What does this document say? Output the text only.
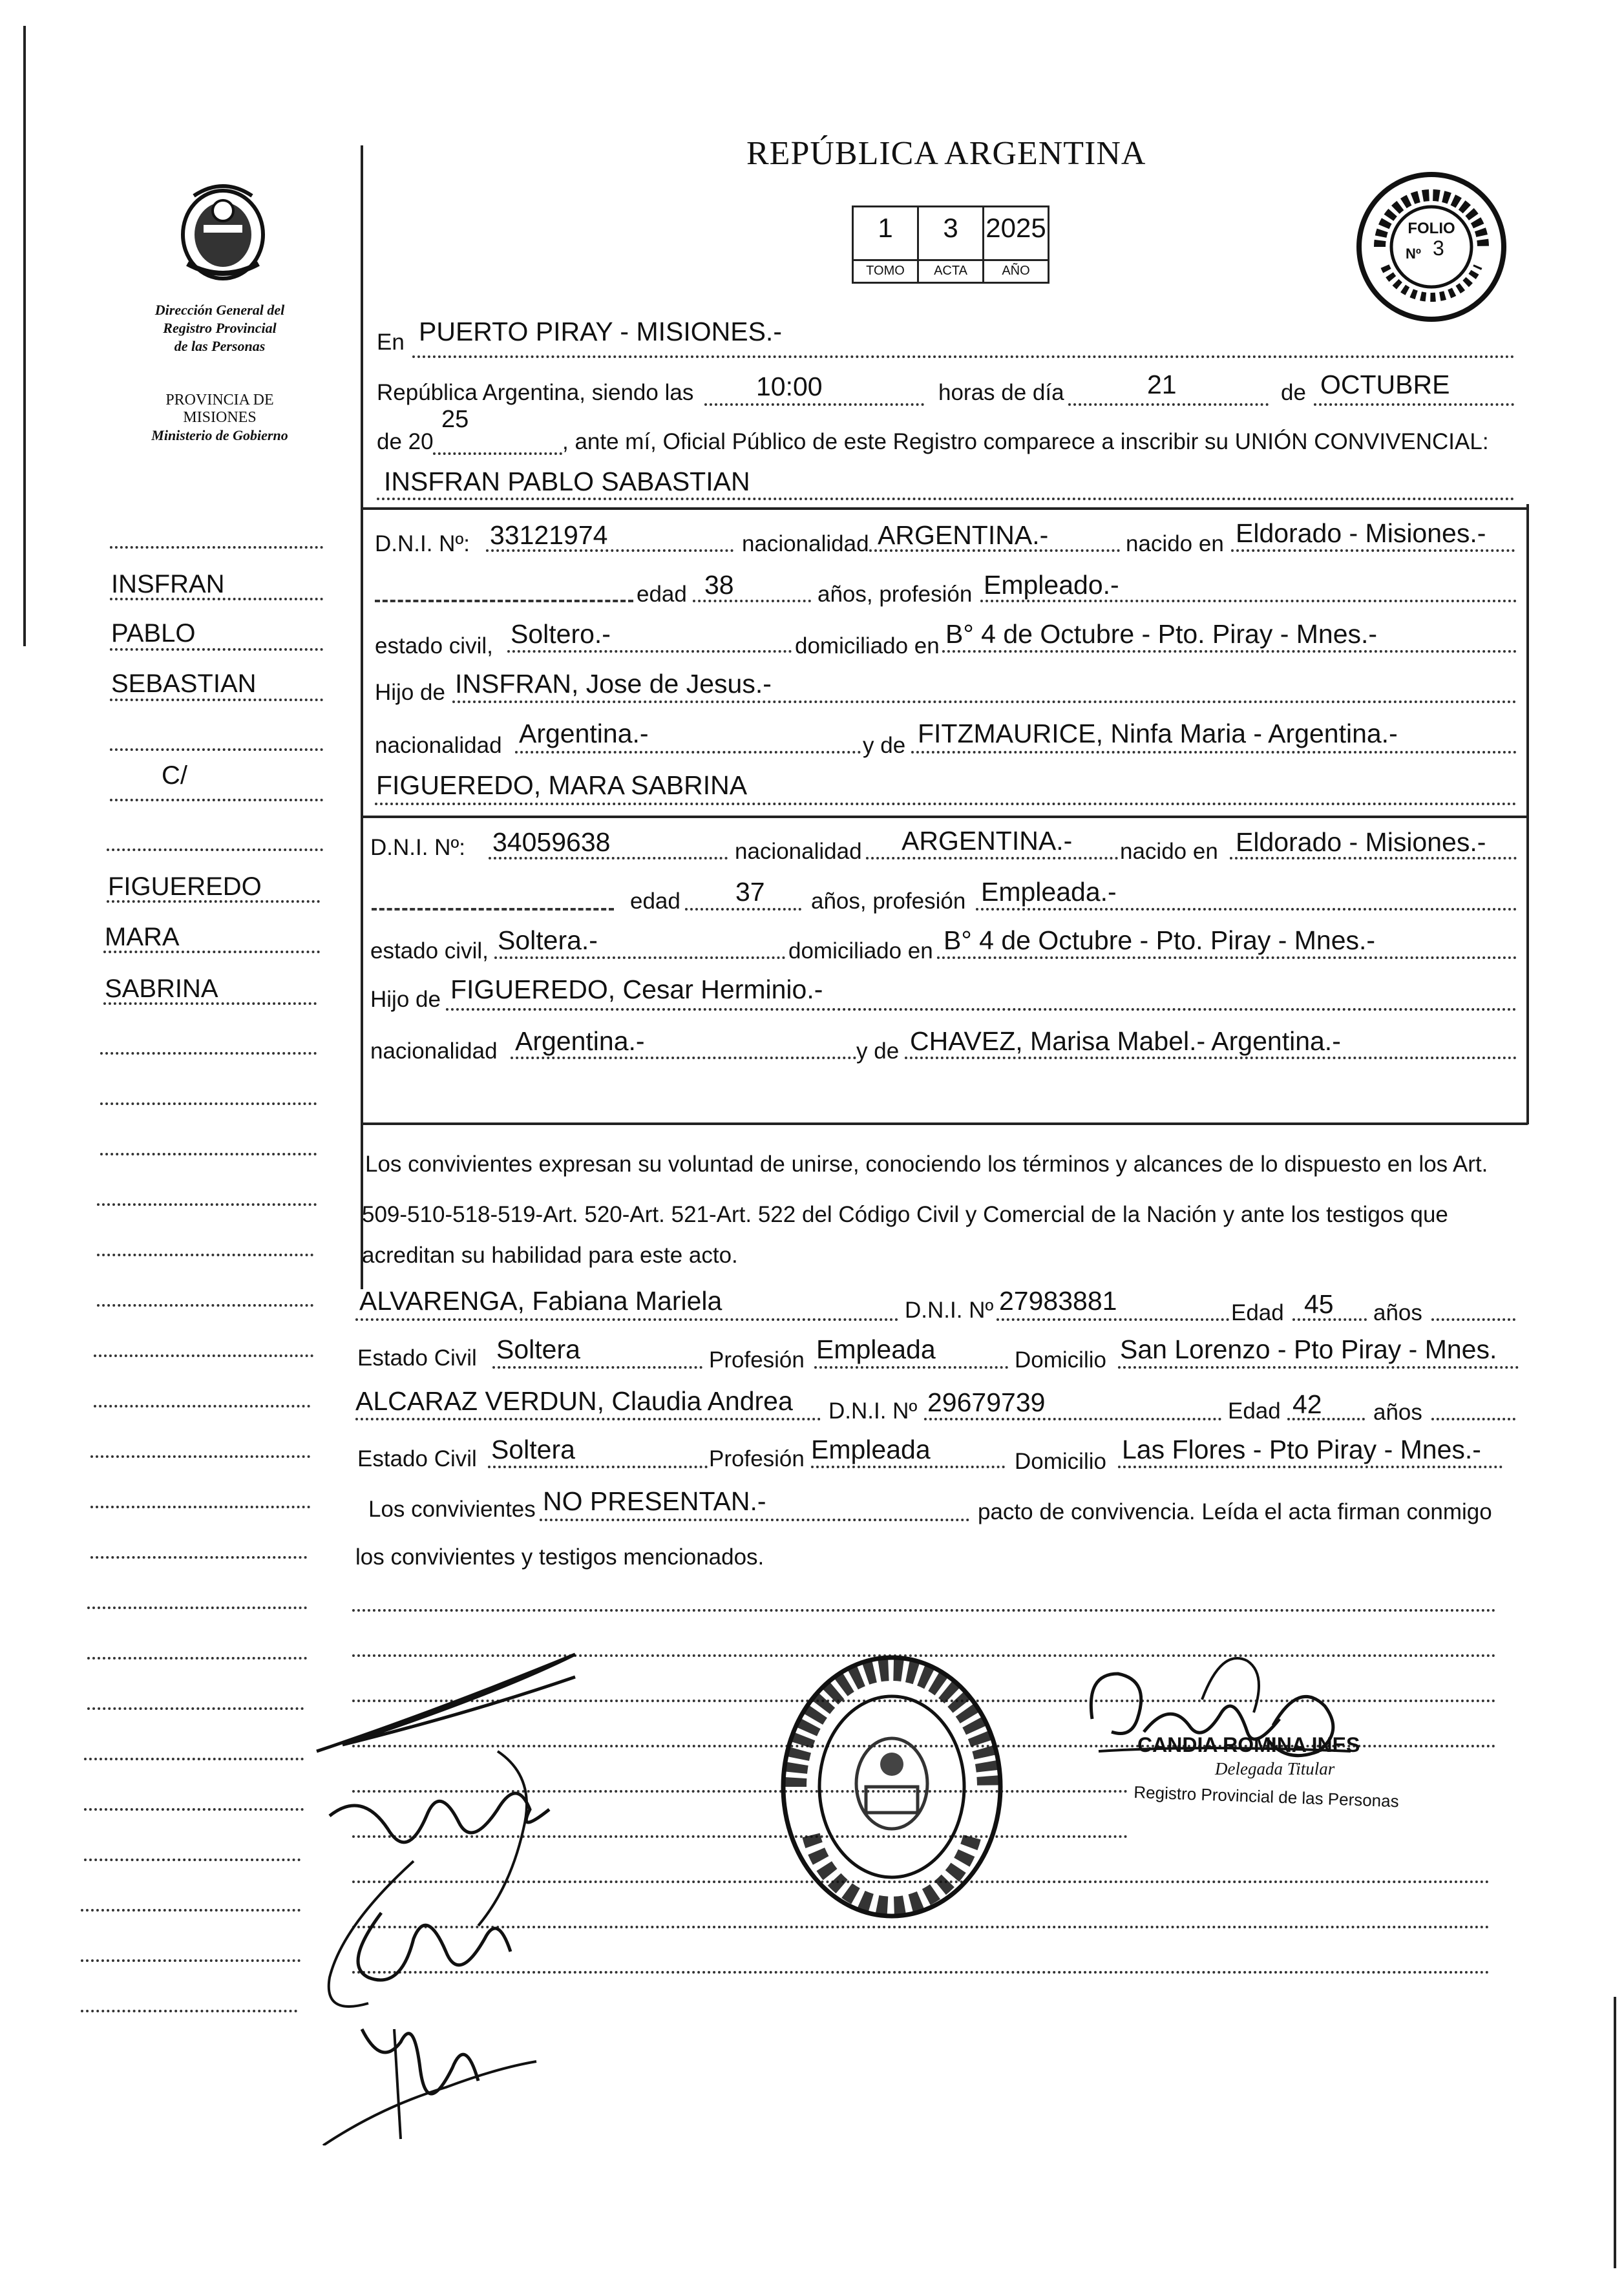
REPÚBLICA ARGENTINA
1
TOMO
3
ACTA
2025
AÑO
FOLIO
Nº 3
Dirección General del
Registro Provincial
de las Personas
PROVINCIA DE
MISIONES
Ministerio de Gobierno
INSFRAN
PABLO
SEBASTIAN
C/
FIGUEREDO
MARA
SABRINA
En PUERTO PIRAY - MISIONES.-
República Argentina, siendo las 10:00	horas de día	21	de OCTUBRE
de 20
25
, ante mí, Oficial Público de este Registro comparece a inscribir su UNIÓN CONVIVENCIAL:
INSFRAN PABLO SABASTIAN
D.N.I. Nº: 33121974	nacionalidad ARGENTINA.-	nacido en Eldorado - Misiones.-
edad 38	años, profesión Empleado.-
estado civil, Soltero.-	domiciliado en B° 4 de Octubre - Pto. Piray - Mnes.-
Hijo de INSFRAN, Jose de Jesus.-
nacionalidad Argentina.-	y de FITZMAURICE, Ninfa Maria - Argentina.-
FIGUEREDO, MARA SABRINA
D.N.I. Nº: 34059638	nacionalidad ARGENTINA.- nacido en Eldorado - Misiones.-
edad 37 años, profesión Empleada.-
estado civil, Soltera.-	domiciliado en B° 4 de Octubre - Pto. Piray - Mnes.-
Hijo de FIGUEREDO, Cesar Herminio.-
nacionalidad Argentina.-	y de CHAVEZ, Marisa Mabel.- Argentina.-
Los convivientes expresan su voluntad de unirse, conociendo los términos y alcances de lo dispuesto en los Art.
509-510-518-519-Art. 520-Art. 521-Art. 522 del Código Civil y Comercial de la Nación y ante los testigos que
acreditan su habilidad para este acto.
ALVARENGA, Fabiana Mariela	D.N.I. Nº 27983881	Edad 45 años
Estado Civil Soltera	Profesión Empleada	Domicilio San Lorenzo - Pto Piray - Mnes.
ALCARAZ VERDUN, Claudia Andrea D.N.I. Nº 29679739	Edad 42 años
Estado Civil Soltera	Profesión Empleada	Domicilio Las Flores - Pto Piray - Mnes.-
Los convivientes NO PRESENTAN.-	pacto de convivencia. Leída el acta firman conmigo
los convivientes y testigos mencionados.
CANDIA ROMINA INES
Delegada Titular
Registro Provincial de las Personas
